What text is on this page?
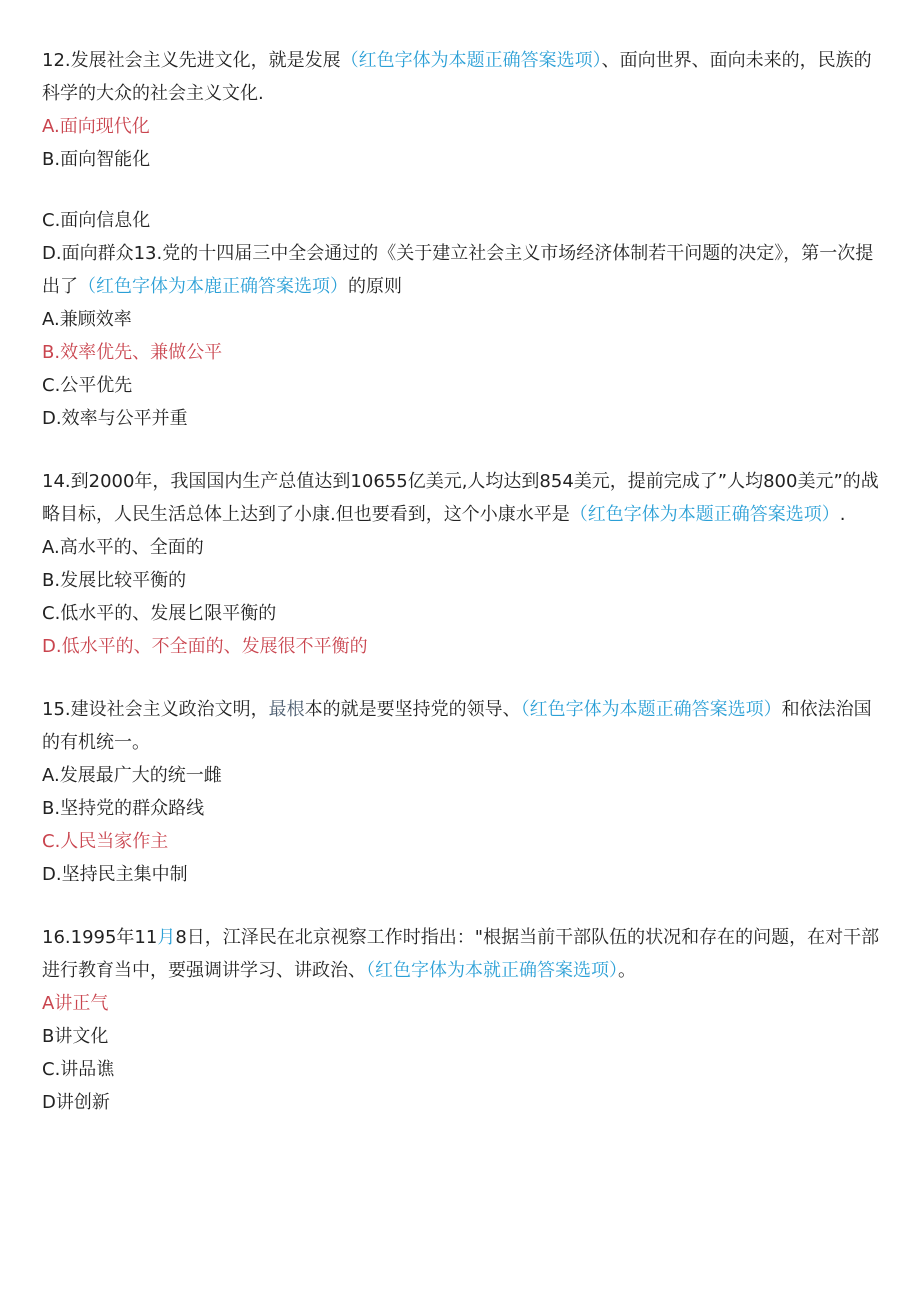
12.发展社会主义先进文化，就是发展（红色字体为本题正确答案选项）、面向世界、面向未来的，民族的科学的大众的社会主义文化.

A.面向现代化
B.面向智能化
C.面向信息化

D.面向群众13.党的十四届三中全会通过的《关于建立社会主义市场经济体制若干问题的决定》，第一次提出了（红色字体为本鹿正确答案选项）的原则

A.兼顾效率
B.效率优先、兼做公平
C.公平优先
D.效率与公平并重

14.到2000年，我国国内生产总值达到10655亿美元,人均达到854美元，提前完成了”人均800美元”的战略目标，人民生活总体上达到了小康.但也要看到，这个小康水平是（红色字体为本题正确答案选项）.

A.高水平的、全面的
B.发展比较平衡的
C.低水平的、发展匕限平衡的
D.低水平的、不全面的、发展很不平衡的

15.建设社会主义政治文明，最根本的就是要坚持党的领导、（红色字体为本题正确答案选项）和依法治国的有机统一。

A.发展最广大的统一雌
B.坚持党的群众路线
C.人民当家作主
D.坚持民主集中制

16.1995年11月8日，江泽民在北京视察工作时指出："根据当前干部队伍的状况和存在的问题，在对干部进行教育当中，要强调讲学习、讲政治、（红色字体为本就正确答案选项）。

A讲正气
B讲文化
C.讲品谯
D讲创新
